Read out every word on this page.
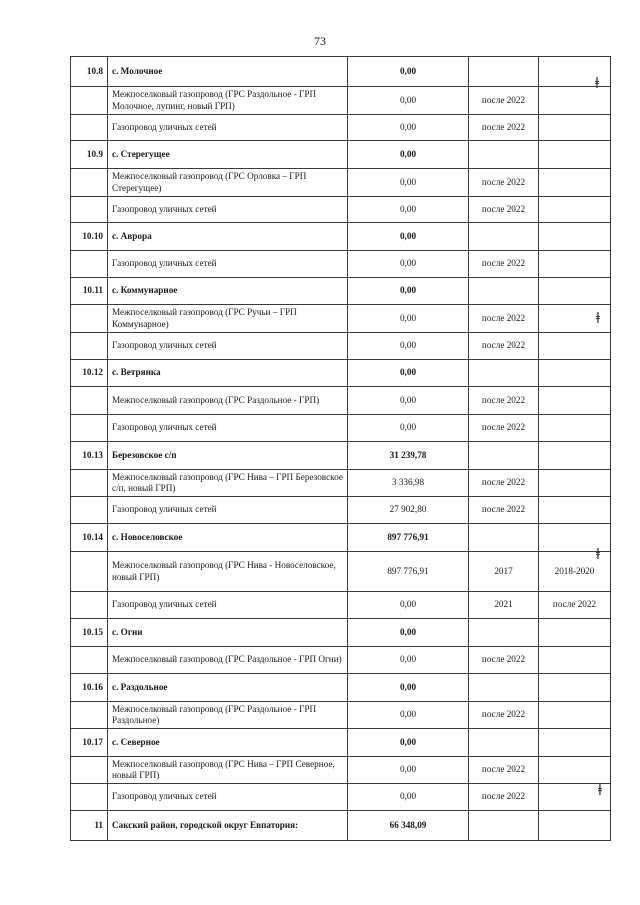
73
10.8	с. Молочное	0,00		
	Межпоселковый газопровод (ГРС Раздольное - ГРП Молочное, лупинг, новый ГРП)	0,00	после 2022	
	Газопровод уличных сетей	0,00	после 2022	
10.9	с. Стерегущее	0,00		
	Межпоселковый газопровод (ГРС Орловка – ГРП Стерегущее)	0,00	после 2022	
	Газопровод уличных сетей	0,00	после 2022	
10.10	с. Аврора	0,00		
	Газопровод уличных сетей	0,00	после 2022	
10.11	с. Коммунарное	0,00		
	Межпоселковый газопровод (ГРС Ручьи – ГРП Коммунарное)	0,00	после 2022	
	Газопровод уличных сетей	0,00	после 2022	
10.12	с. Ветрянка	0,00		
	Межпоселковый газопровод (ГРС Раздольное - ГРП)	0,00	после 2022	
	Газопровод уличных сетей	0,00	после 2022	
10.13	Березовское с/п	31 239,78		
	Межпоселковый газопровод (ГРС Нива – ГРП Березовское с/п, новый ГРП)	3 336,98	после 2022	
	Газопровод уличных сетей	27 902,80	после 2022	
10.14	с. Новоселовское	897 776,91		
	Межпоселковый газопровод (ГРС Нива - Новоселовское, новый ГРП)	897 776,91	2017	2018-2020
	Газопровод уличных сетей	0,00	2021	после 2022
10.15	с. Огни	0,00		
	Межпоселковый газопровод (ГРС Раздольное - ГРП Огни)	0,00	после 2022	
10.16	с. Раздольное	0,00		
	Межпоселковый газопровод (ГРС Раздольное - ГРП Раздольное)	0,00	после 2022	
10.17	с. Северное	0,00		
	Межпоселковый газопровод (ГРС Нива – ГРП Северное, новый ГРП)	0,00	после 2022	
	Газопровод уличных сетей	0,00	после 2022	
11	Сакский район, городской округ Евпатория:	66 348,09		
ⱡ
ⱡ
ⱡ
ⱡ
